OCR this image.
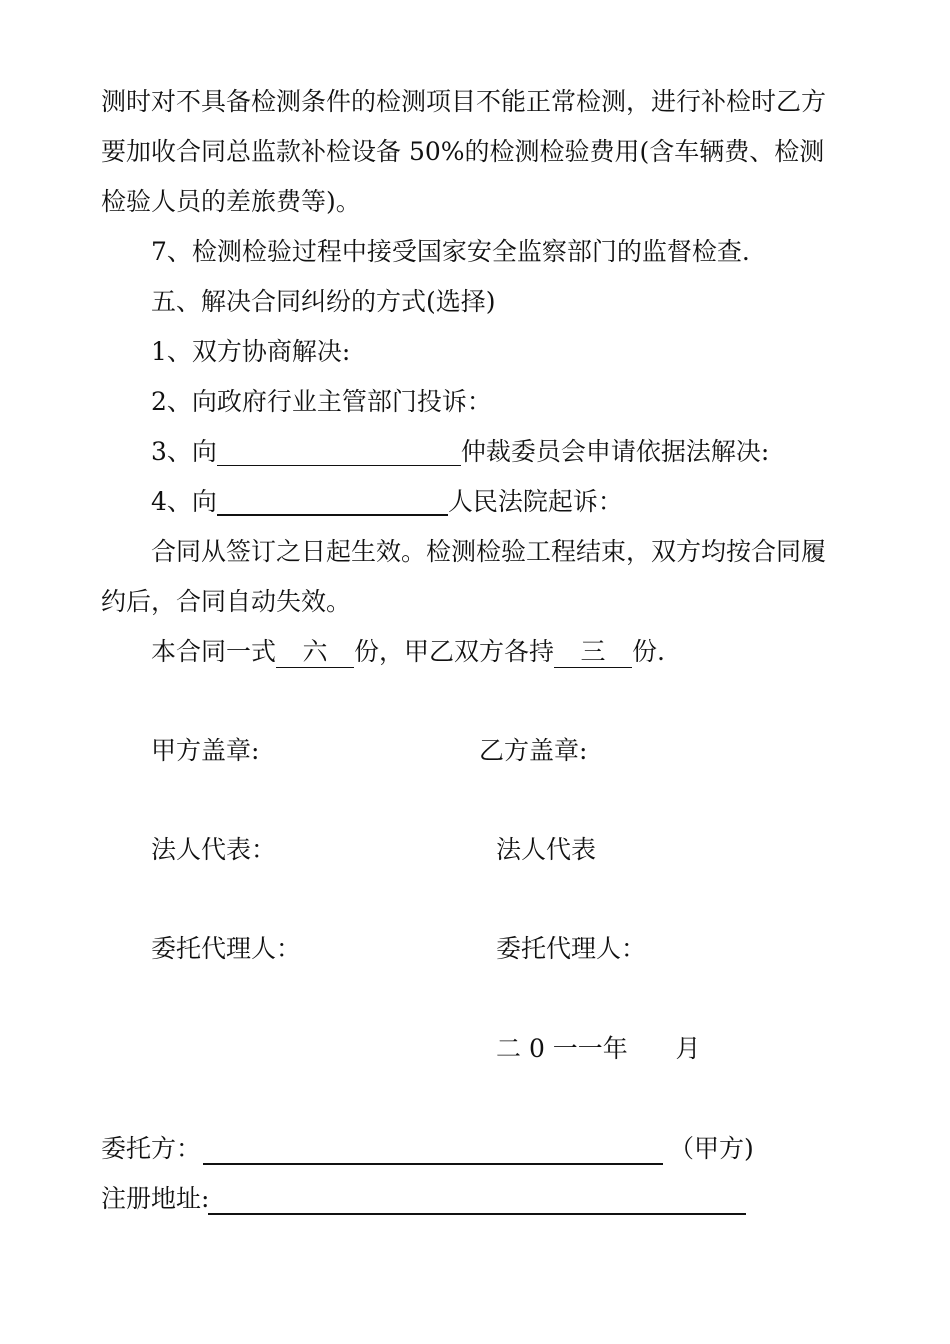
测时对不具备检测条件的检测项目不能正常检测，进行补检时乙方
要加收合同总监款补检设备 50%的检测检验费用(含车辆费、检测
检验人员的差旅费等)。
7、检测检验过程中接受国家安全监察部门的监督检查.
五、解决合同纠纷的方式(选择)
1、双方协商解决:
2、向政府行业主管部门投诉：
3、向	仲裁委员会申请依据法解决:
4、向	人民法院起诉：
合同从签订之日起生效。检测检验工程结束，双方均按合同履
约后，合同自动失效。
本合同一式 六 份，甲乙双方各持 三 份.
甲方盖章:	乙方盖章:
法人代表：	法人代表
委托代理人：	委托代理人：
二 0 一一年      月
委托方：	（甲方)
注册地址:
